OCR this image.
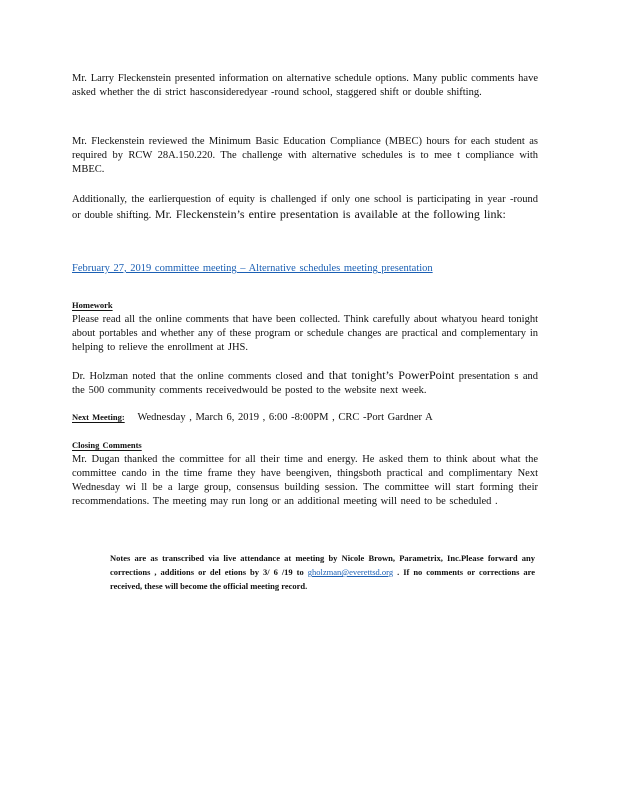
Mr. Larry Fleckenstein presented information on alternative schedule options. Many public comments have asked whether the di strict hasconsideredyear -round school, staggered shift or double shifting.

Mr. Fleckenstein reviewed the Minimum Basic Education Compliance (MBEC) hours for each student as required by RCW 28A.150.220. The challenge with alternative schedules is to mee t compliance with MBEC.

Additionally, the earlierquestion of equity is challenged if only one school is participating in year -round or double shifting. Mr. Fleckenstein’s entire presentation is available at the following link:

February 27, 2019 committee meeting – Alternative schedules meeting presentation

Homework
Please read all the online comments that have been collected. Think carefully about whatyou heard tonight about portables and whether any of these program or schedule changes are practical and complementary in helping to relieve the enrollment at JHS.

Dr. Holzman noted that the online comments closed and that tonight’s PowerPoint presentation s and the 500 community comments receivedwould be posted to the website next week.

Next Meeting: Wednesday , March 6, 2019 , 6:00 -8:00PM , CRC -Port Gardner A

Closing Comments
Mr. Dugan thanked the committee for all their time and energy. He asked them to think about what the committee cando in the time frame they have beengiven, thingsboth practical and complimentary Next Wednesday wi ll be a large group, consensus building session. The committee will start forming their recommendations. The meeting may run long or an additional meeting will need to be scheduled .

Notes are as transcribed via live attendance at meeting by Nicole Brown, Parametrix, Inc.Please forward any corrections , additions or del etions by 3/ 6 /19 to gholzman@everettsd.org . If no comments or corrections are received, these will become the official meeting record.
